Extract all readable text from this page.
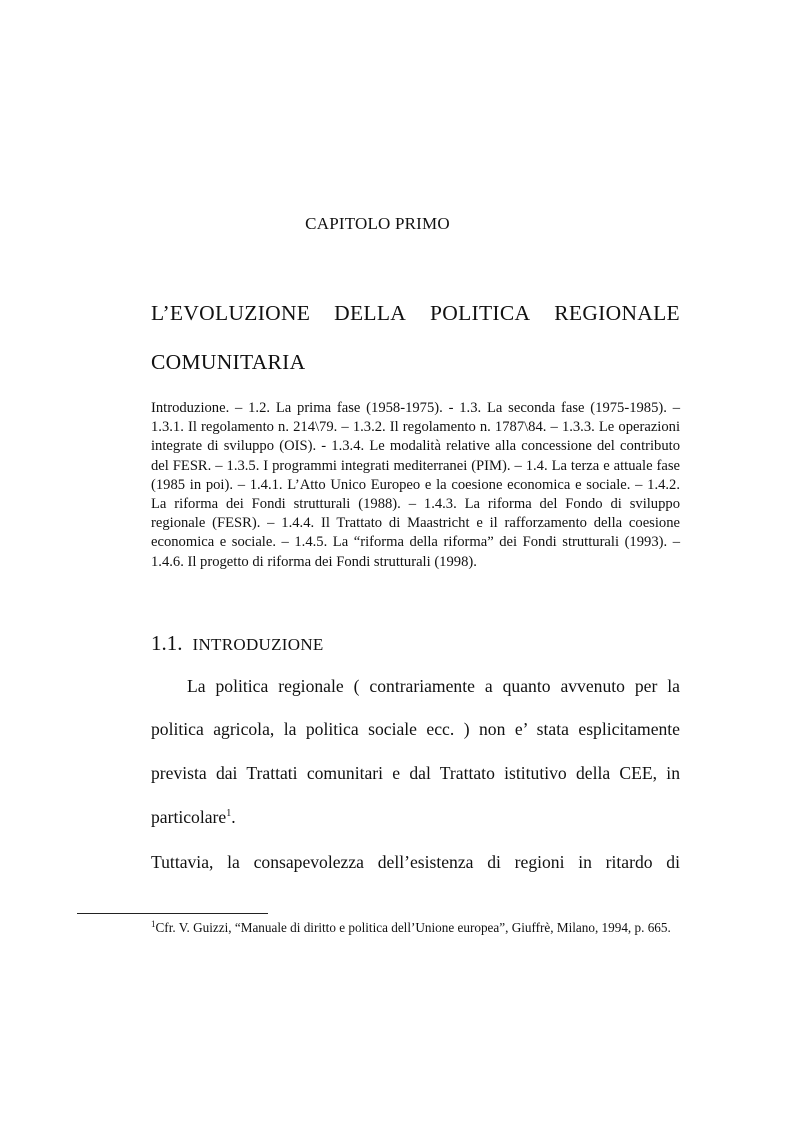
CAPITOLO PRIMO
L’EVOLUZIONE DELLA POLITICA REGIONALE
COMUNITARIA
Introduzione. – 1.2. La prima fase (1958-1975). - 1.3. La seconda fase (1975-1985). – 1.3.1. Il regolamento n. 214\79. – 1.3.2. Il regolamento n. 1787\84. – 1.3.3. Le operazioni integrate di sviluppo (OIS). - 1.3.4. Le modalità relative alla concessione del contributo del FESR. – 1.3.5. I programmi integrati mediterranei (PIM). – 1.4. La terza e attuale fase (1985 in poi). – 1.4.1. L’Atto Unico Europeo e la coesione economica e sociale. – 1.4.2. La riforma dei Fondi strutturali (1988). – 1.4.3. La riforma del Fondo di sviluppo regionale (FESR). – 1.4.4. Il Trattato di Maastricht e il rafforzamento della coesione economica e sociale. – 1.4.5. La “riforma della riforma” dei Fondi strutturali (1993). – 1.4.6. Il progetto di riforma dei Fondi strutturali (1998).
1.1. INTRODUZIONE
La politica regionale ( contrariamente a quanto avvenuto per la
politica agricola, la politica sociale ecc. ) non e’ stata esplicitamente
prevista dai Trattati comunitari e dal Trattato istitutivo della CEE, in
particolare$^1$.
Tuttavia, la consapevolezza dell’esistenza di regioni in ritardo di
$^1$Cfr. V. Guizzi, “Manuale di diritto e politica dell’Unione europea”, Giuffrè, Milano, 1994, p. 665.
